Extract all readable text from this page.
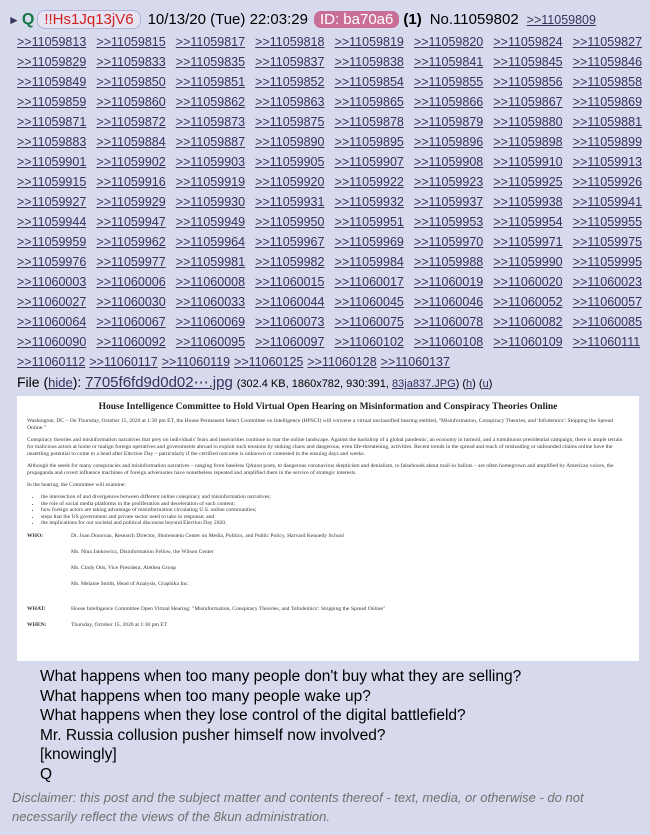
► Q !!Hs1Jq13jV6 10/13/20 (Tue) 22:03:29 ID: ba70a6 (1) No.11059802 >>11059809
>>11059813 >>11059815 >>11059817 >>11059818 >>11059819 >>11059820 >>11059824 >>11059827
>>11059829 >>11059833 >>11059835 >>11059837 >>11059838 >>11059841 >>11059845 >>11059846
>>11059849 >>11059850 >>11059851 >>11059852 >>11059854 >>11059855 >>11059856 >>11059858
>>11059859 >>11059860 >>11059862 >>11059863 >>11059865 >>11059866 >>11059867 >>11059869
>>11059871 >>11059872 >>11059873 >>11059875 >>11059878 >>11059879 >>11059880 >>11059881
>>11059883 >>11059884 >>11059887 >>11059890 >>11059895 >>11059896 >>11059898 >>11059899
>>11059901 >>11059902 >>11059903 >>11059905 >>11059907 >>11059908 >>11059910 >>11059913
>>11059915 >>11059916 >>11059919 >>11059920 >>11059922 >>11059923 >>11059925 >>11059926
>>11059927 >>11059929 >>11059930 >>11059931 >>11059932 >>11059937 >>11059938 >>11059941
>>11059944 >>11059947 >>11059949 >>11059950 >>11059951 >>11059953 >>11059954 >>11059955
>>11059959 >>11059962 >>11059964 >>11059967 >>11059969 >>11059970 >>11059971 >>11059975
>>11059976 >>11059977 >>11059981 >>11059982 >>11059984 >>11059988 >>11059990 >>11059995
>>11060003 >>11060006 >>11060008 >>11060015 >>11060017 >>11060019 >>11060020 >>11060023
>>11060027 >>11060030 >>11060033 >>11060044 >>11060045 >>11060046 >>11060052 >>11060057
>>11060064 >>11060067 >>11060069 >>11060073 >>11060075 >>11060078 >>11060082 >>11060085
>>11060090 >>11060092 >>11060095 >>11060097 >>11060102 >>11060108 >>11060109 >>11060111
>>11060112 >>11060117 >>11060119 >>11060125 >>11060128 >>11060137
File (hide): 7705f6fd9d0d02⋯.jpg (302.4 KB, 1860x782, 930:391, 83ja837.JPG) (h) (u)
House Intelligence Committee to Hold Virtual Open Hearing on Misinformation and Conspiracy Theories Online

Washington, DC – On Thursday, October 15, 2020 at 1:30 pm ET, the House Permanent Select Committee on Intelligence (HPSCI) will convene a virtual unclassified hearing entitled, "Misinformation, Conspiracy Theories, and 'Infodemics': Stopping the Spread Online."

Conspiracy theories and misinformation narratives that prey on individuals' fears and insecurities continue to mar the online landscape. Against the backdrop of a global pandemic, an economy in turmoil, and a tumultuous presidential campaign, there is ample terrain for malicious actors at home or malign foreign operatives and governments abroad to exploit such tensions by stoking chaos and dangerous, even life-threatening, activities. Recent trends in the spread and reach of misleading or unfounded claims online have the unsettling potential to come to a head after Election Day – particularly if the certified outcome is unknown or contested in the ensuing days and weeks.

Although the seeds for many conspiracies and misinformation narratives – ranging from baseless QAnon posts, to dangerous coronavirus skepticism and denialism, to falsehoods about mail-in ballots – are often homegrown and amplified by American voices, the propaganda and covert influence machines of foreign adversaries have nonetheless repeated and amplified them in the service of strategic interests.

In the hearing, the Committee will examine:

• the intersection of and divergences between different online conspiracy and misinformation narratives;
• the role of social media platforms in the proliferation and deceleration of such content;
• how foreign actors are taking advantage of misinformation circulating U.S. online communities;
• steps that the US government and private sector need to take in response; and
• the implications for our societal and political discourse beyond Election Day 2020.
WHO:	Dr. Joan Donovan, Research Director, Shorenstein Center on Media, Politics, and Public Policy, Harvard Kennedy School
Ms. Nina Jankowicz, Disinformation Fellow, the Wilson Center
Ms. Cindy Otis, Vice President, Alethea Group
Ms. Melanie Smith, Head of Analysis, Graphika Inc.
WHAT:	House Intelligence Committee Open Virtual Hearing: "Misinformation, Conspiracy Theories, and 'Infodemics': Stopping the Spread Online"
WHEN:	Thursday, October 15, 2020 at 1:30 pm ET
What happens when too many people don't buy what they are selling?
What happens when too many people wake up?
What happens when they lose control of the digital battlefield?
Mr. Russia collusion pusher himself now involved?
[knowingly]
Q
Disclaimer: this post and the subject matter and contents thereof - text, media, or otherwise - do not necessarily reflect the views of the 8kun administration.
